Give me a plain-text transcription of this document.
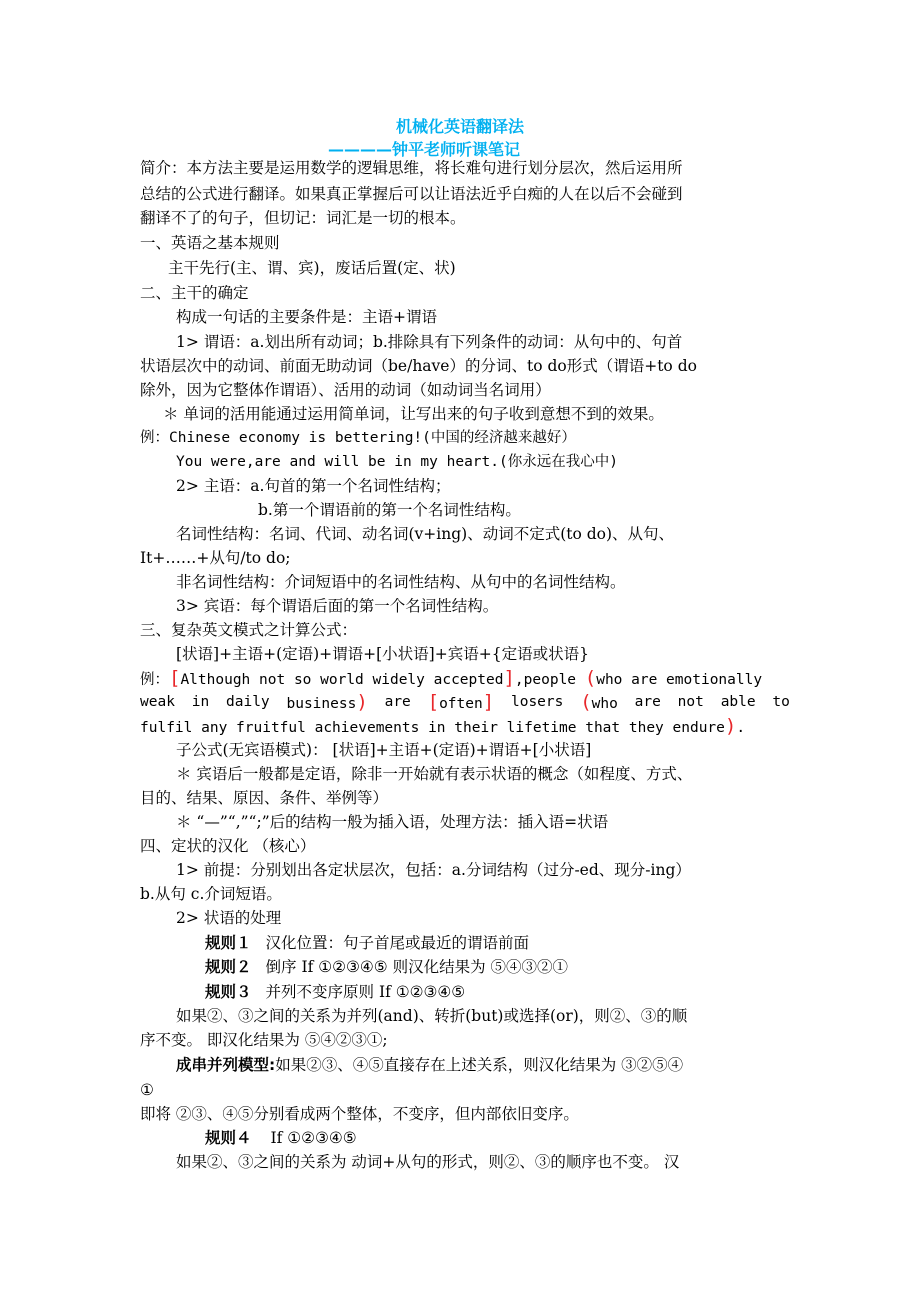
机械化英语翻译法
————钟平老师听课笔记
简介：本方法主要是运用数学的逻辑思维，将长难句进行划分层次，然后运用所
总结的公式进行翻译。如果真正掌握后可以让语法近乎白痴的人在以后不会碰到
翻译不了的句子，但切记：词汇是一切的根本。
一、英语之基本规则
主干先行(主、谓、宾)，废话后置(定、状)
二、主干的确定
构成一句话的主要条件是：主语+谓语
1> 谓语：a.划出所有动词；b.排除具有下列条件的动词：从句中的、句首
状语层次中的动词、前面无助动词（be/have）的分词、to do形式（谓语+to do
除外，因为它整体作谓语）、活用的动词（如动词当名词用）
＊ 单词的活用能通过运用简单词，让写出来的句子收到意想不到的效果。
例：Chinese economy is bettering!(中国的经济越来越好）
You were,are and will be in my heart.(你永远在我心中)
2> 主语：a.句首的第一个名词性结构；
b.第一个谓语前的第一个名词性结构。
名词性结构：名词、代词、动名词(v+ing)、动词不定式(to do)、从句、
It+……+从句/to do;
非名词性结构：介词短语中的名词性结构、从句中的名词性结构。
3> 宾语：每个谓语后面的第一个名词性结构。
三、复杂英文模式之计算公式：
[状语]+主语+(定语)+谓语+[小状语]+宾语+{定语或状语}
例：[Although not so world widely accepted],people (who are emotionally
weak in daily business) are [often] losers (who are not able to
fulfil any fruitful achievements in their lifetime that they endure).
子公式(无宾语模式)： [状语]+主语+(定语)+谓语+[小状语]
＊ 宾语后一般都是定语，除非一开始就有表示状语的概念（如程度、方式、
目的、结果、原因、条件、举例等）
＊ “—”“,”“;”后的结构一般为插入语，处理方法：插入语=状语
四、定状的汉化 （核心）
1> 前提：分别划出各定状层次，包括：a.分词结构（过分-ed、现分-ing）
b.从句 c.介词短语。
2> 状语的处理
规则１ 汉化位置：句子首尾或最近的谓语前面
规则２ 倒序 If ①②③④⑤ 则汉化结果为 ⑤④③②①
规则３ 并列不变序原则 If ①②③④⑤
如果②、③之间的关系为并列(and)、转折(but)或选择(or)，则②、③的顺
序不变。 即汉化结果为 ⑤④②③①;
成串并列模型:如果②③、④⑤直接存在上述关系，则汉化结果为 ③②⑤④
①
即将 ②③、④⑤分别看成两个整体，不变序，但内部依旧变序。
规则４ If ①②③④⑤
如果②、③之间的关系为 动词+从句的形式，则②、③的顺序也不变。 汉
